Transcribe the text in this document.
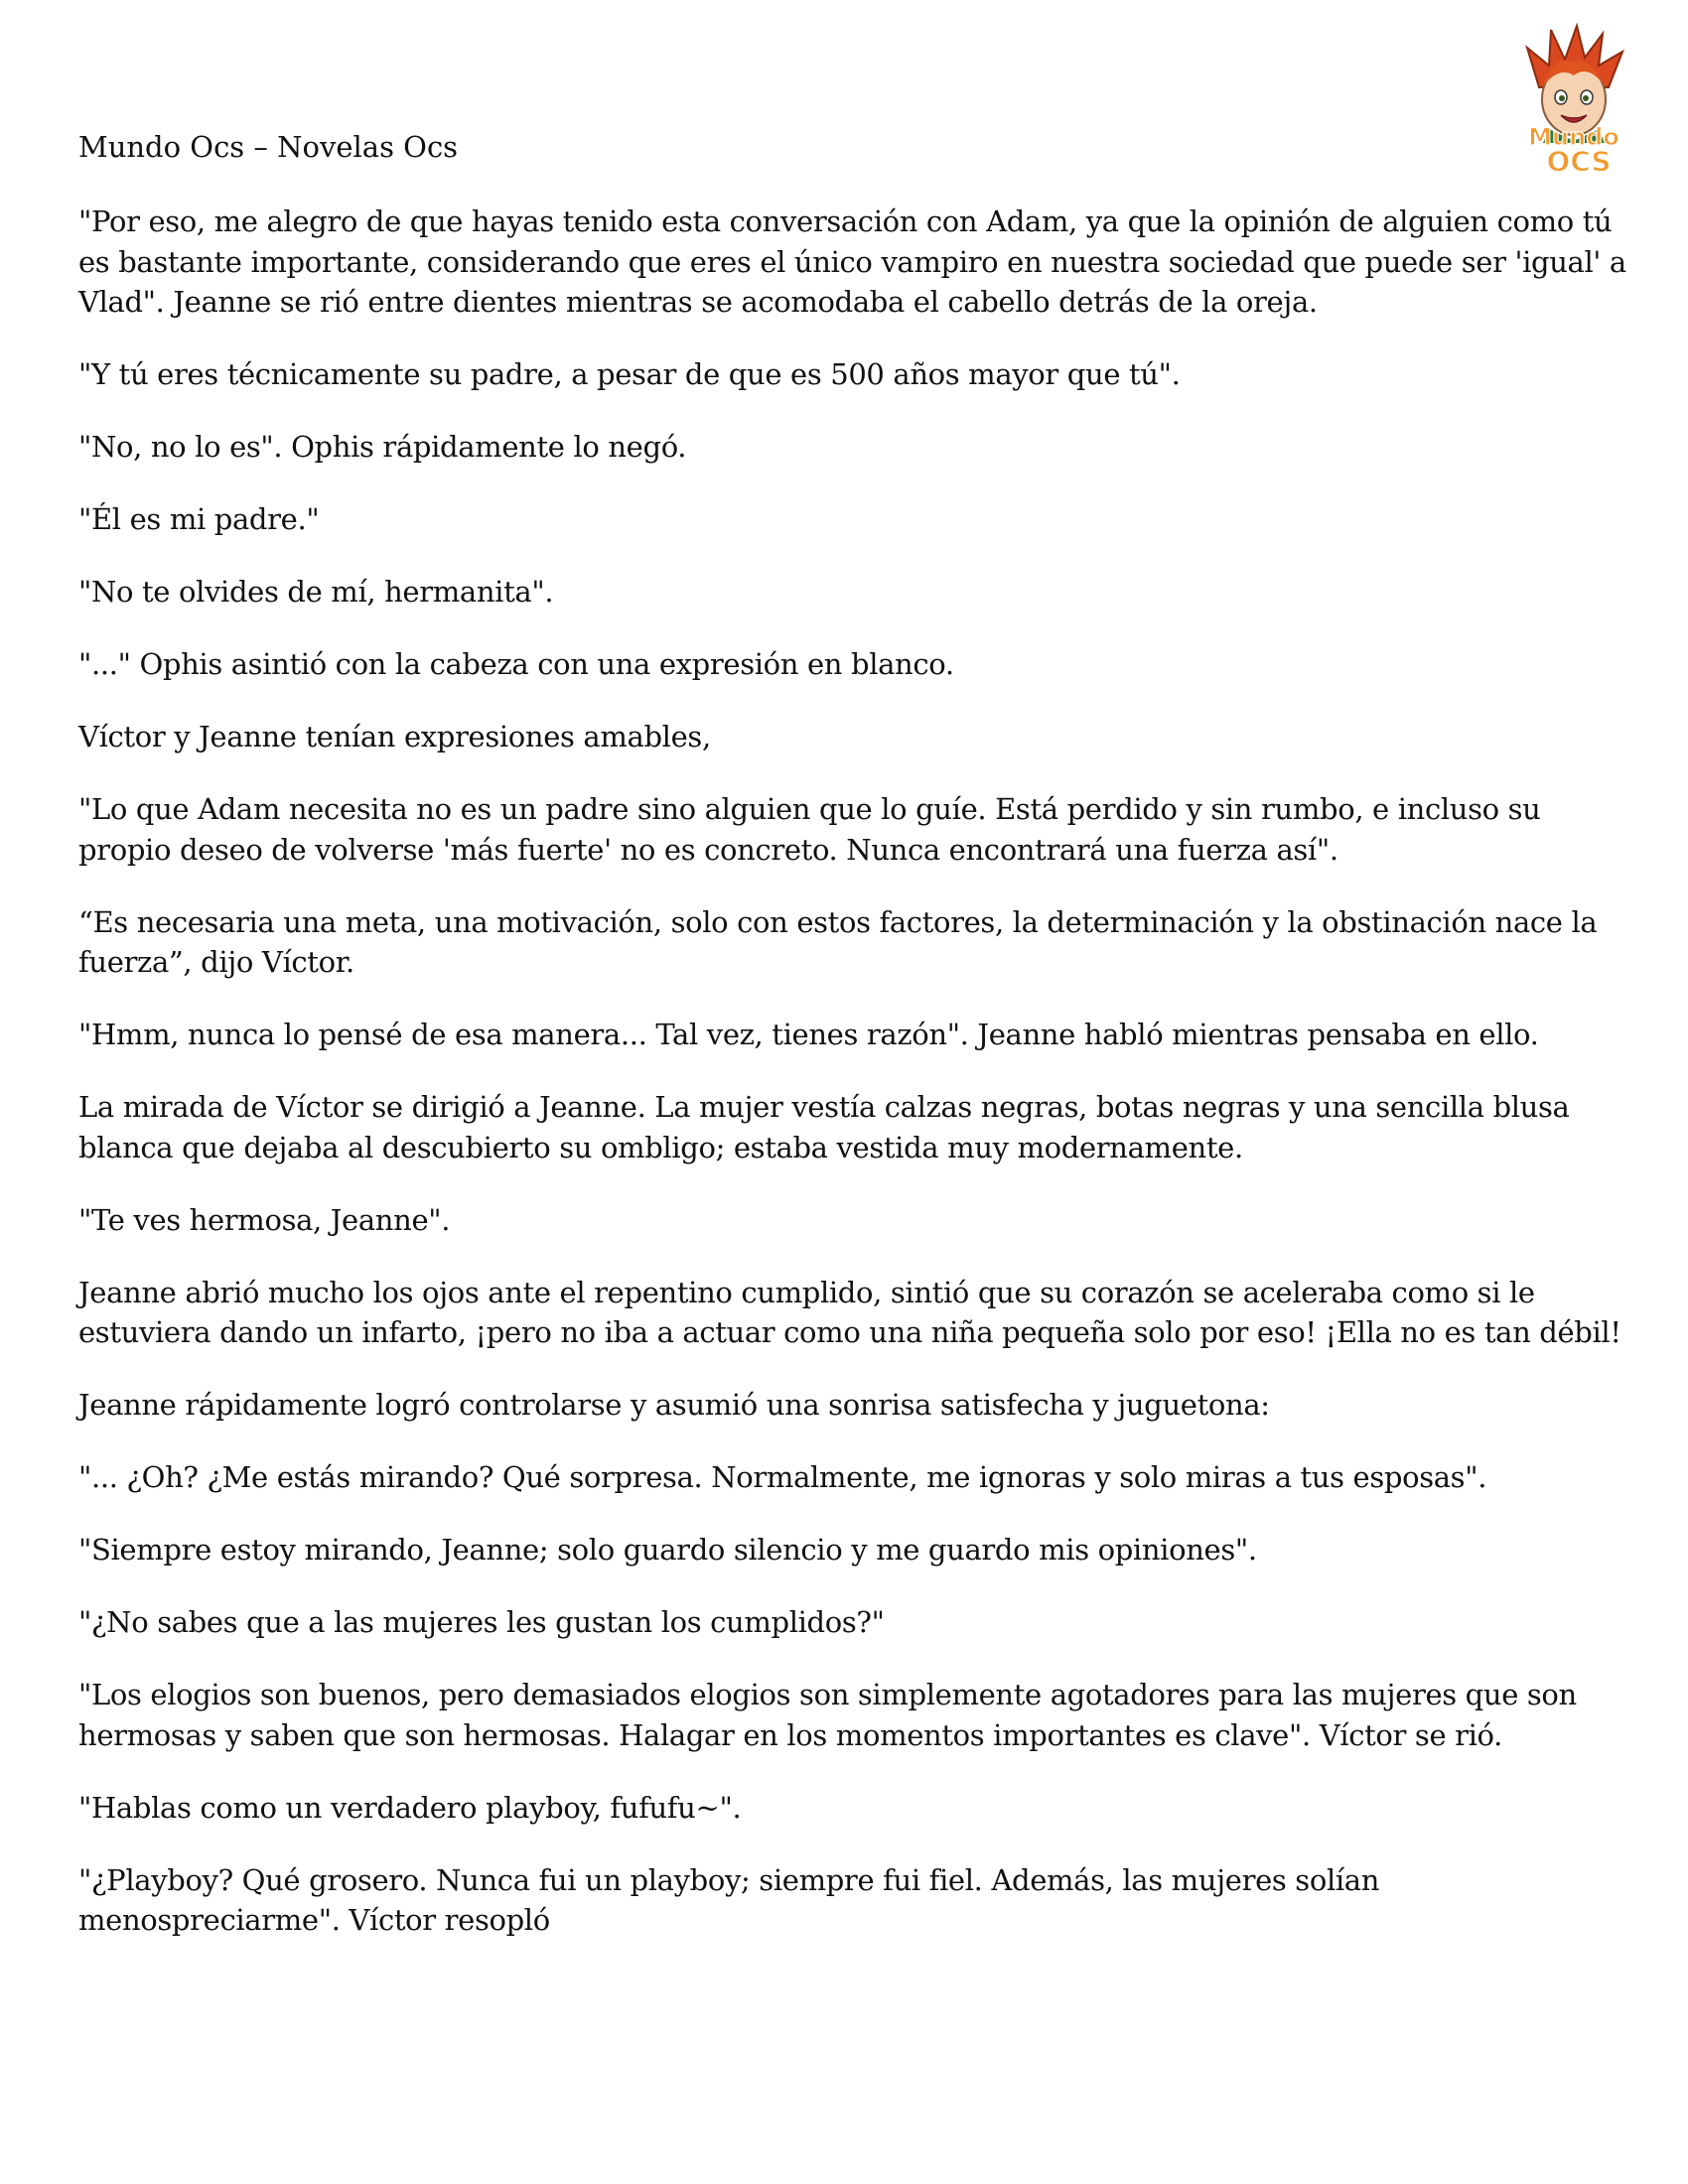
Mundo
OCS
Mundo Ocs – Novelas Ocs

"Por eso, me alegro de que hayas tenido esta conversación con Adam, ya que la opinión de alguien como tú es bastante importante, considerando que eres el único vampiro en nuestra sociedad que puede ser 'igual' a Vlad". Jeanne se rió entre dientes mientras se acomodaba el cabello detrás de la oreja.

"Y tú eres técnicamente su padre, a pesar de que es 500 años mayor que tú".

"No, no lo es". Ophis rápidamente lo negó.

"Él es mi padre."

"No te olvides de mí, hermanita".

"..." Ophis asintió con la cabeza con una expresión en blanco.

Víctor y Jeanne tenían expresiones amables,

"Lo que Adam necesita no es un padre sino alguien que lo guíe. Está perdido y sin rumbo, e incluso su propio deseo de volverse 'más fuerte' no es concreto. Nunca encontrará una fuerza así".

“Es necesaria una meta, una motivación, solo con estos factores, la determinación y la obstinación nace la fuerza”, dijo Víctor.

"Hmm, nunca lo pensé de esa manera... Tal vez, tienes razón". Jeanne habló mientras pensaba en ello.

La mirada de Víctor se dirigió a Jeanne. La mujer vestía calzas negras, botas negras y una sencilla blusa blanca que dejaba al descubierto su ombligo; estaba vestida muy modernamente.

"Te ves hermosa, Jeanne".

Jeanne abrió mucho los ojos ante el repentino cumplido, sintió que su corazón se aceleraba como si le estuviera dando un infarto, ¡pero no iba a actuar como una niña pequeña solo por eso! ¡Ella no es tan débil!

Jeanne rápidamente logró controlarse y asumió una sonrisa satisfecha y juguetona:

"... ¿Oh? ¿Me estás mirando? Qué sorpresa. Normalmente, me ignoras y solo miras a tus esposas".

"Siempre estoy mirando, Jeanne; solo guardo silencio y me guardo mis opiniones".

"¿No sabes que a las mujeres les gustan los cumplidos?"

"Los elogios son buenos, pero demasiados elogios son simplemente agotadores para las mujeres que son hermosas y saben que son hermosas. Halagar en los momentos importantes es clave". Víctor se rió.

"Hablas como un verdadero playboy, fufufu~".

"¿Playboy? Qué grosero. Nunca fui un playboy; siempre fui fiel. Además, las mujeres solían menospreciarme". Víctor resopló
